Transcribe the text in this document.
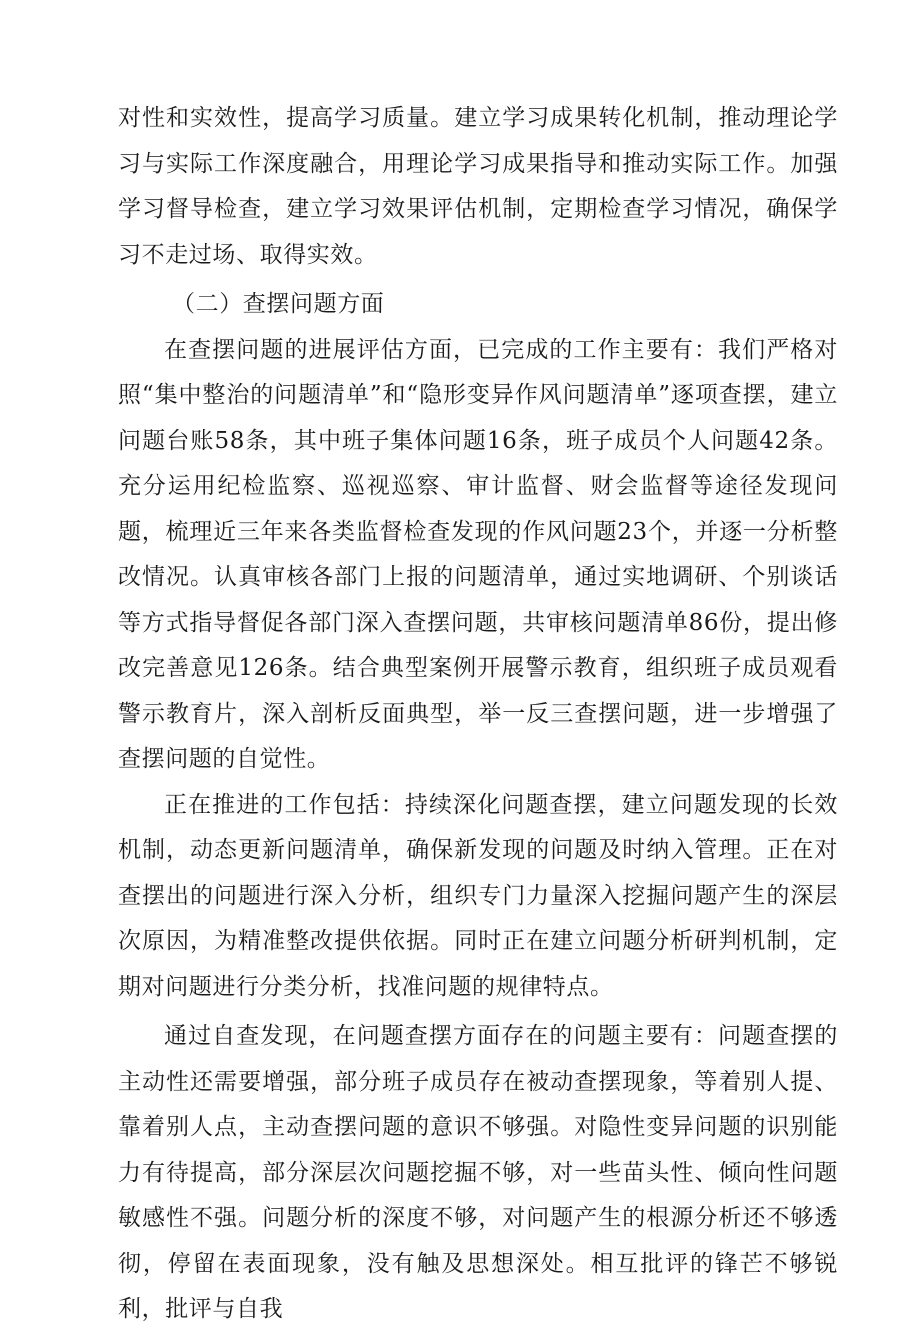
对性和实效性，提高学习质量。建立学习成果转化机制，推动理论学习与实际工作深度融合，用理论学习成果指导和推动实际工作。加强学习督导检查，建立学习效果评估机制，定期检查学习情况，确保学习不走过场、取得实效。

（二）查摆问题方面

在查摆问题的进展评估方面，已完成的工作主要有：我们严格对照“集中整治的问题清单”和“隐形变异作风问题清单”逐项查摆，建立问题台账58条，其中班子集体问题16条，班子成员个人问题42条。充分运用纪检监察、巡视巡察、审计监督、财会监督等途径发现问题，梳理近三年来各类监督检查发现的作风问题23个，并逐一分析整改情况。认真审核各部门上报的问题清单，通过实地调研、个别谈话等方式指导督促各部门深入查摆问题，共审核问题清单86份，提出修改完善意见126条。结合典型案例开展警示教育，组织班子成员观看警示教育片，深入剖析反面典型，举一反三查摆问题，进一步增强了查摆问题的自觉性。

正在推进的工作包括：持续深化问题查摆，建立问题发现的长效机制，动态更新问题清单，确保新发现的问题及时纳入管理。正在对查摆出的问题进行深入分析，组织专门力量深入挖掘问题产生的深层次原因，为精准整改提供依据。同时正在建立问题分析研判机制，定期对问题进行分类分析，找准问题的规律特点。

通过自查发现，在问题查摆方面存在的问题主要有：问题查摆的主动性还需要增强，部分班子成员存在被动查摆现象，等着别人提、靠着别人点，主动查摆问题的意识不够强。对隐性变异问题的识别能力有待提高，部分深层次问题挖掘不够，对一些苗头性、倾向性问题敏感性不强。问题分析的深度不够，对问题产生的根源分析还不够透彻，停留在表面现象，没有触及思想深处。相互批评的锋芒不够锐利，批评与自我
